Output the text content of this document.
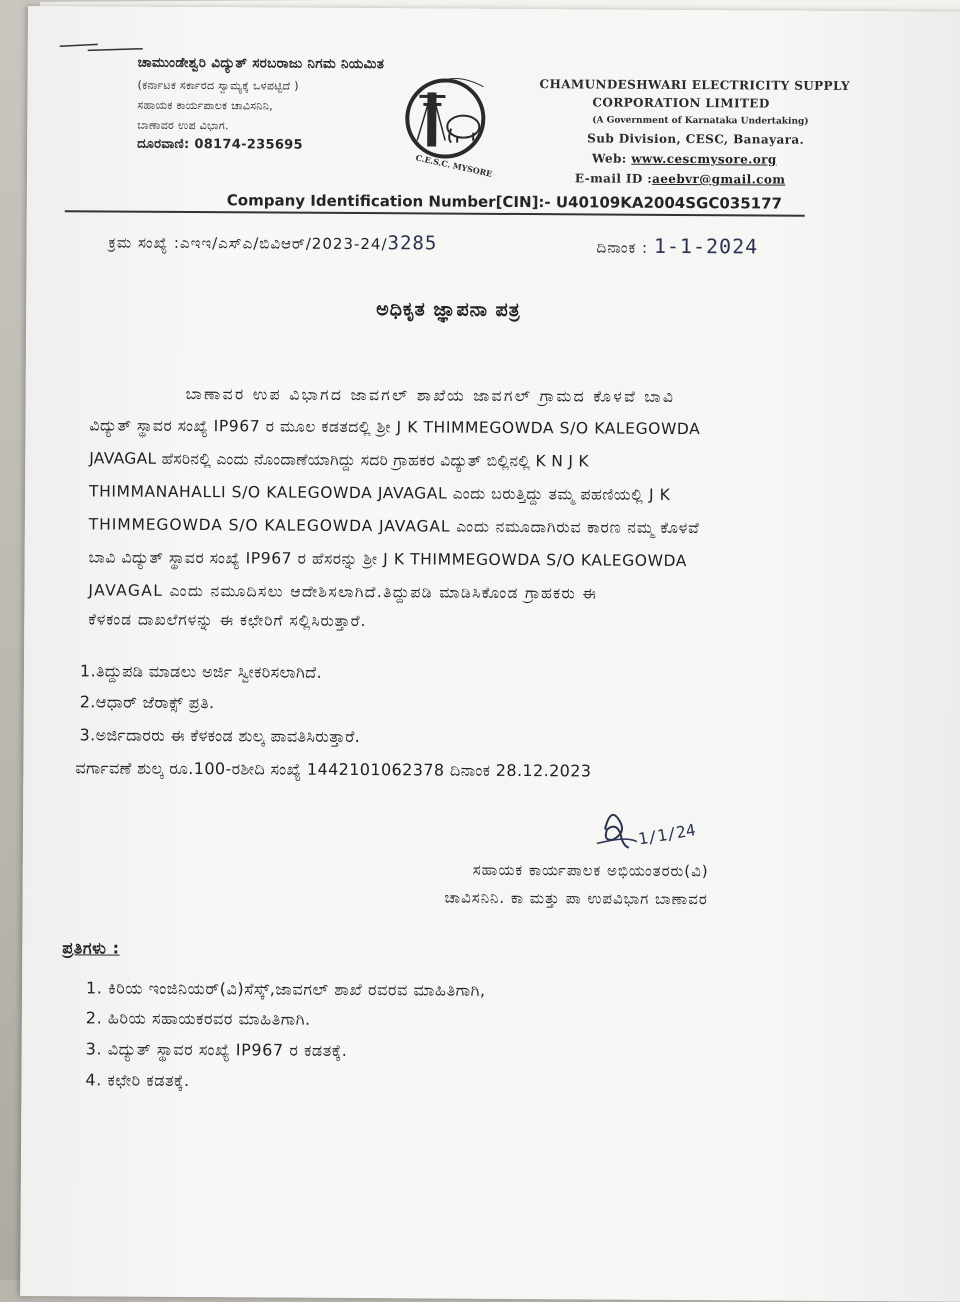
ಚಾಮುಂಡೇಶ್ವರಿ ವಿದ್ಯುತ್ ಸರಬರಾಜು ನಿಗಮ ನಿಯಮಿತ
(ಕರ್ನಾಟಕ ಸರ್ಕಾರದ ಸ್ವಾಮ್ಯಕ್ಕೆ ಒಳಪಟ್ಟಿದೆ )
ಸಹಾಯಕ ಕಾರ್ಯಪಾಲಕ ಚಾವಿಸನಿನಿ,
ಬಾಣಾವರ ಉಪ ವಿಭಾಗ.
ದೂರವಾಣಿ: 08174-235695
C.E.S.C. MYSORE
CHAMUNDESHWARI ELECTRICITY SUPPLY
CORPORATION LIMITED
(A Government of Karnataka Undertaking)
Sub Division, CESC, Banayara.
Web: www.cescmysore.org
E-mail ID :aeebvr@gmail.com
Company Identification Number[CIN]:- U40109KA2004SGC035177
ಕ್ರಮ ಸಂಖ್ಯೆ :ಎಇಇ/ಎಸ್ಎ/ಬಿವಿಆರ್/2023-24/3285	ದಿನಾಂಕ : 1-1-2024
ಅಧಿಕೃತ ಜ್ಞಾಪನಾ ಪತ್ರ
ಬಾಣಾವರ ಉಪ ವಿಭಾಗದ ಜಾವಗಲ್ ಶಾಖೆಯ ಜಾವಗಲ್ ಗ್ರಾಮದ ಕೊಳವೆ ಬಾವಿ
ವಿದ್ಯುತ್ ಸ್ಥಾವರ ಸಂಖ್ಯೆ IP967 ರ ಮೂಲ ಕಡತದಲ್ಲಿ ಶ್ರೀ J K THIMMEGOWDA S/O KALEGOWDA
JAVAGAL ಹೆಸರಿನಲ್ಲಿ ಎಂದು ನೊಂದಾಣೆಯಾಗಿದ್ದು ಸದರಿ ಗ್ರಾಹಕರ ವಿದ್ಯುತ್ ಬಿಲ್ಲಿನಲ್ಲಿ K N J K
THIMMANAHALLI S/O KALEGOWDA JAVAGAL ಎಂದು ಬರುತ್ತಿದ್ದು ತಮ್ಮ ಪಹಣಿಯಲ್ಲಿ J K
THIMMEGOWDA S/O KALEGOWDA JAVAGAL ಎಂದು ನಮೂದಾಗಿರುವ ಕಾರಣ ನಮ್ಮ ಕೊಳವೆ
ಬಾವಿ ವಿದ್ಯುತ್ ಸ್ಥಾವರ ಸಂಖ್ಯೆ IP967 ರ ಹೆಸರನ್ನು ಶ್ರೀ J K THIMMEGOWDA S/O KALEGOWDA
JAVAGAL ಎಂದು ನಮೂದಿಸಲು ಆದೇಶಿಸಲಾಗಿದೆ.ತಿದ್ದುಪಡಿ ಮಾಡಿಸಿಕೊಂಡ ಗ್ರಾಹಕರು ಈ
ಕೆಳಕಂಡ ದಾಖಲೆಗಳನ್ನು ಈ ಕಛೇರಿಗೆ ಸಲ್ಲಿಸಿರುತ್ತಾರೆ.
1.ತಿದ್ದುಪಡಿ ಮಾಡಲು ಅರ್ಜಿ ಸ್ವೀಕರಿಸಲಾಗಿದೆ.
2.ಆಧಾರ್ ಜೆರಾಕ್ಸ್ ಪ್ರತಿ.
3.ಅರ್ಜಿದಾರರು ಈ ಕೆಳಕಂಡ ಶುಲ್ಕ ಪಾವತಿಸಿರುತ್ತಾರೆ.
ವರ್ಗಾವಣೆ ಶುಲ್ಕ ರೂ.100-ರಶೀದಿ ಸಂಖ್ಯೆ 1442101062378 ದಿನಾಂಕ 28.12.2023
1/1/24
ಸಹಾಯಕ ಕಾರ್ಯಪಾಲಕ ಅಭಿಯಂತರರು(ವಿ)
ಚಾವಿಸನಿನಿ. ಕಾ ಮತ್ತು ಪಾ ಉಪವಿಭಾಗ ಬಾಣಾವರ
ಪ್ರತಿಗಳು :
1. ಕಿರಿಯ ಇಂಜಿನಿಯರ್(ವಿ)ಸೆಸ್ಕ್,ಜಾವಗಲ್ ಶಾಖೆ ರವರವ ಮಾಹಿತಿಗಾಗಿ,
2. ಹಿರಿಯ ಸಹಾಯಕರವರ ಮಾಹಿತಿಗಾಗಿ.
3. ವಿದ್ಯುತ್ ಸ್ಥಾವರ ಸಂಖ್ಯೆ IP967 ರ ಕಡತಕ್ಕೆ.
4. ಕಛೇರಿ ಕಡತಕ್ಕೆ.
